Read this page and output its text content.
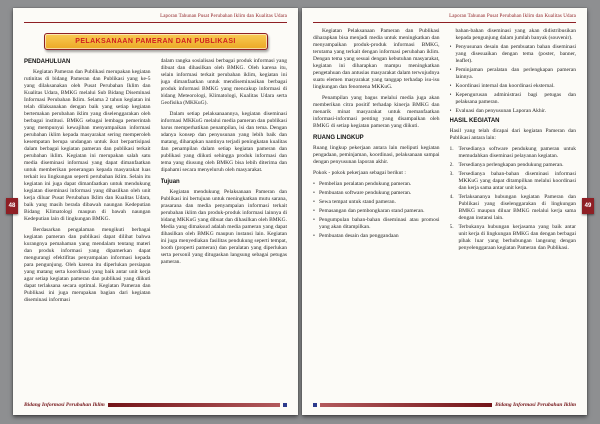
Laporan Tahunan Pusat Perubahan Iklim dan Kualitas Udara
PELAKSANAAN PAMERAN DAN PUBLIKASI
PENDAHULUAN

Kegiatan Pameran dan Publikasi merupakan kegiatan rutinitas di bidang Pameran dan Publikasi yang ke-5 yang dilaksanakan oleh Pusat Perubahan Iklim dan Kualitas Udara, BMKG melalui Sub Bidang Diseminasi Informasi Perubahan Iklim. Selama 2 tahun kegiatan ini telah dilaksanakan dengan baik yang setiap kegiatan bertemakan perubahan iklim yang diselenggarakan oleh berbagai institusi. BMKG sebagai lembaga pemerintah yang mempunyai kewajiban menyampaikan informasi perubahan iklim kepada masyarakat sering memperoleh kesempatan berupa undangan untuk ikut berpartisipasi dalam berbagai kegiatan pameran dan publikasi terkait perubahan iklim. Kegiatan ini merupakan salah satu media diseminasi informasi yang dapat dimanfaatkan untuk memberikan penerangan kepada masyarakat luas terkait isu lingkungan seperti perubahan iklim. Selain itu kegiatan ini juga dapat dimanfaatkan untuk mendukung kegiatan diseminasi informasi yang dihasilkan oleh unit kerja diluar Pusat Perubahan Iklim dan Kualitas Udara, baik yang masih berada dibawah naungan Kedeputian Bidang Klimatologi maupun di bawah naungan Kedeputian lain di lingkungan BMKG.

Berdasarkan pengalaman mengikuti berbagai kegiatan pameran dan publikasi dapat dilihat bahwa kurangnya pemahaman yang mendalam tentang materi dan produk informasi yang dipamerkan dapat mengurangi efektifitas penyampaian informasi kepada para pengunjung. Oleh karena itu diperlukan persiapan yang matang serta koordinasi yang baik antar unit kerja agar setiap kegiatan pameran dan publikasi yang diikuti dapat terlaksana secara optimal. Kegiatan Pameran dan Publikasi ini juga merupakan bagian dari kegiatan diseminasi informasi

dalam rangka sosialisasi berbagai produk informasi yang dibuat dan dihasilkan oleh BMKG. Oleh karena itu, selain informasi terkait perubahan iklim, kegiatan ini juga dimanfaatkan untuk mendiseminasikan berbagai produk informasi BMKG yang mencakup informasi di bidang Meteorologi, Klimatologi, Kualitas Udara serta Geofisika (MKKuG).

Dalam setiap pelaksanaannya, kegiatan diseminasi informasi MKKuG melalui media pameran dan publikasi harus memperhatikan penampilan, isi dan tema. Dengan adanya konsep dan penyusunan yang lebih baik dan matang, diharapkan nantinya terjadi peningkatan kualitas dan penampilan dalam setiap kegiatan pameran dan publikasi yang diikuti sehingga produk informasi dan tema yang diusung oleh BMKG bisa lebih diterima dan dipahami secara menyeluruh oleh masyarakat.

Tujuan

Kegiatan mendukung Pelaksanaan Pameran dan Publikasi ini bertujuan untuk meningkatkan mutu sarana, prasarana dan media penyampaian informasi terkait perubahan iklim dan produk-produk informasi lainnya di bidang MKKuG yang dibuat dan dihasilkan oleh BMKG. Media yang dimaksud adalah media pameran yang dapat dihasilkan oleh BMKG maupun instansi lain. Kegiatan ini juga menyediakan fasilitas pendukung seperti tempat, booth (properti pameran) dan peralatan yang diperlukan serta personil yang ditugaskan langsung sebagai petugas pameran.

Bidang Informasi Perubahan Iklim
Laporan Tahunan Pusat Perubahan Iklim dan Kualitas Udara

Kegiatan Pelaksanaan Pameran dan Publikasi diharapkan bisa menjadi media untuk meningkatkan dan menyampaikan produk-produk informasi BMKG, terutama yang terkait dengan informasi perubahan iklim. Dengan tema yang sesuai dengan kebutuhan masyarakat, kegiatan ini diharapkan mampu meningkatkan pengetahuan dan antusias masyarakat dalam terwujudnya suatu elemen masyarakat yang tanggap terhadap isu-isu lingkungan dan fenomena MKKuG.

Penampilan yang bagus melalui media juga akan memberikan citra positif terhadap kinerja BMKG dan menarik minat masyarakat untuk memanfaatkan informasi-informasi penting yang disampaikan oleh BMKG di setiap kegiatan pameran yang diikuti.

RUANG LINGKUP

Ruang lingkup pekerjaan antara lain meliputi kegiatan pengadaan, peminjaman, koordinasi, pelaksanaan sampai dengan penyusunan laporan akhir.

Pokok - pokok pekerjaan sebagai berikut :

• Pembelian peralatan pendukung pameran.
• Pembuatan software pendukung pameran.
• Sewa tempat untuk stand pameran.
• Pemasangan dan pembongkaran stand pameran.
• Pengumpulan bahan-bahan diseminasi atau promosi yang akan ditampilkan.
• Pembuatan desain dan penggandaan

bahan-bahan diseminasi yang akan didistribusikan kepada pengunjung dalam jumlah banyak (souvenir).

• Penyusunan desain dan pembuatan bahan diseminasi yang disesuaikan dengan tema (poster, banner, leaflet).
• Peminjaman peralatan dan perlengkapan pameran lainnya.
• Koordinasi internal dan koordinasi eksternal.
• Kepengurusan administrasi bagi petugas dan pelaksana pameran.
• Evaluasi dan penyusunan Laporan Akhir.
HASIL KEGIATAN

Hasil yang telah dicapai dari kegiatan Pameran dan Publikasi antara lain:

1. Tersedianya software pendukung pameran untuk memudahkan diseminasi pelayanan kegiatan.
2. Tersedianya perlengkapan pendukung pameran.
3. Tersedianya bahan-bahan diseminasi informasi MKKuG yang dapat ditampilkan melalui koordinasi dan kerja sama antar unit kerja.
4. Terlaksananya hubungan kegiatan Pameran dan Publikasi yang diselenggarakan di lingkungan BMKG maupun diluar BMKG melalui kerja sama dengan instansi lain.
5. Terbukanya hubungan kerjasama yang baik antar unit kerja di lingkungan BMKG dan dengan berbagai pihak luar yang berhubungan langsung dengan penyelenggaraan kegiatan Pameran dan Publikasi.
Bidang Informasi Perubahan Iklim
48	49
